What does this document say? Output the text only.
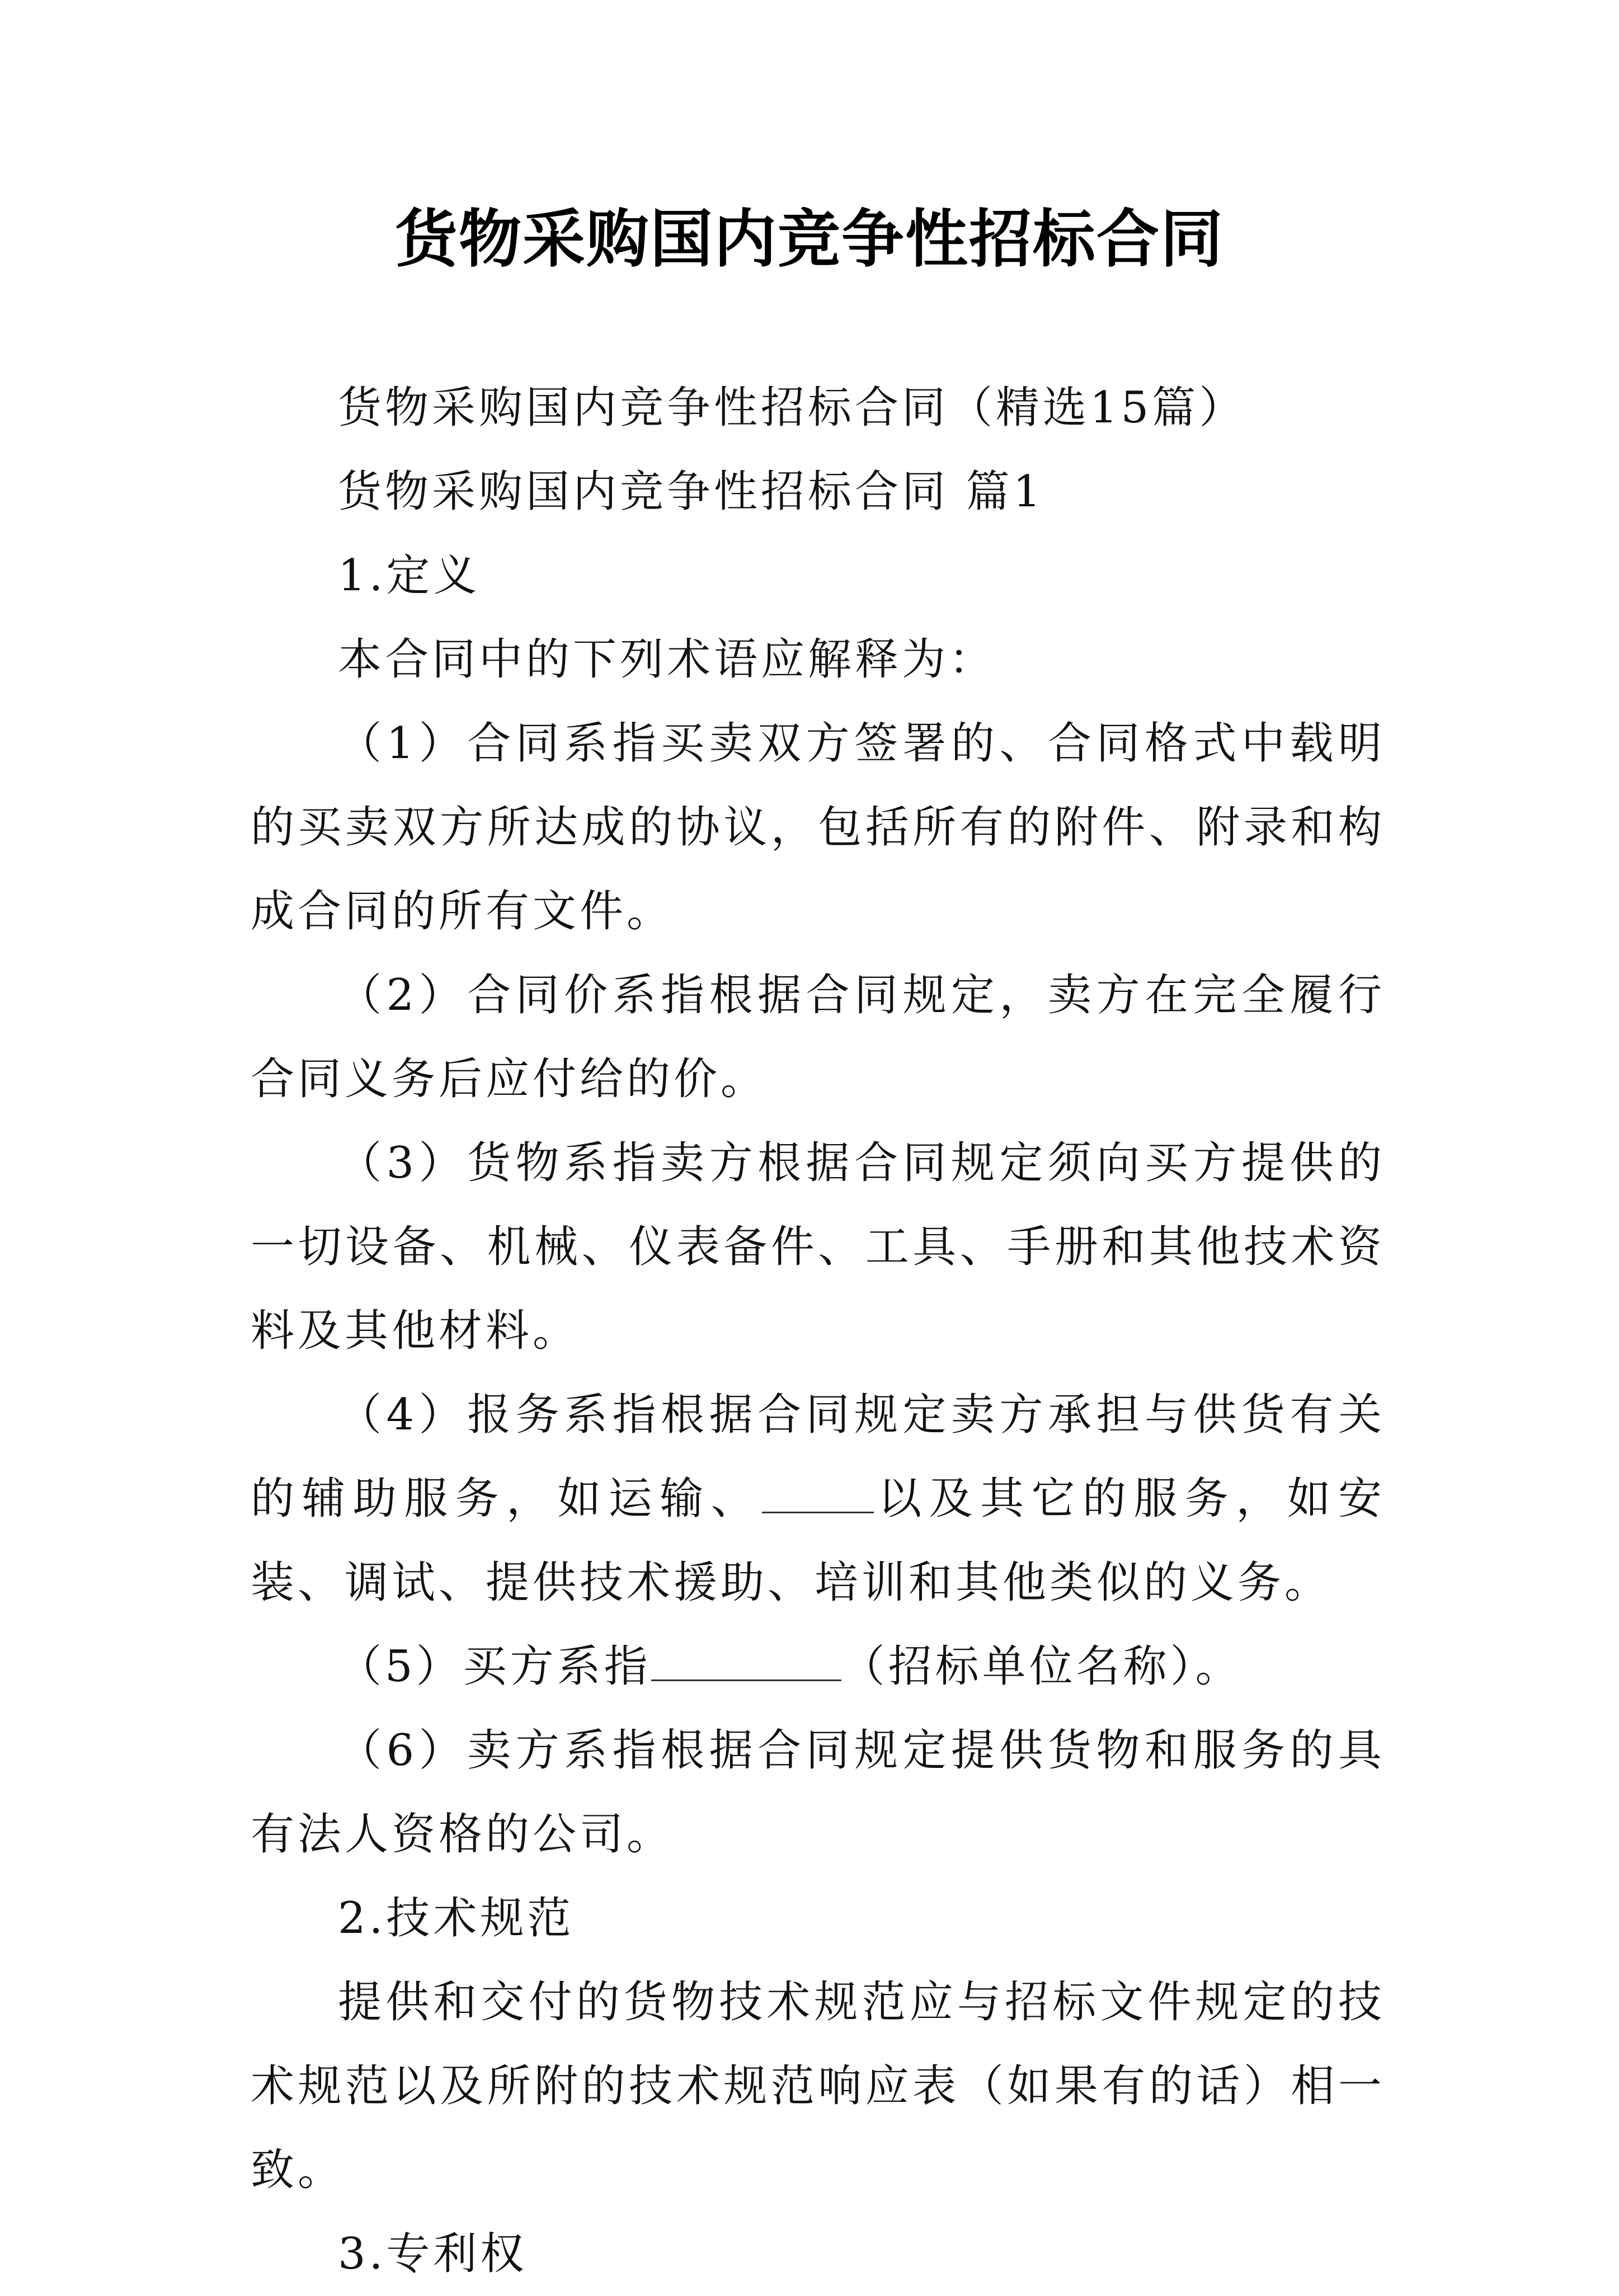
货物采购国内竞争性招标合同

货物采购国内竞争性招标合同（精选15篇）

货物采购国内竞争性招标合同 篇1

1.定义

本合同中的下列术语应解释为：

（1）合同系指买卖双方签署的、合同格式中载明的买卖双方所达成的协议，包括所有的附件、附录和构成合同的所有文件。

（2）合同价系指根据合同规定，卖方在完全履行合同义务后应付给的价。

（3）货物系指卖方根据合同规定须向买方提供的一切设备、机械、仪表备件、工具、手册和其他技术资料及其他材料。

（4）报务系指根据合同规定卖方承担与供货有关的辅助服务，如运输、	以及其它的服务，如安装、调试、提供技术援助、培训和其他类似的义务。

（5）买方系指	（招标单位名称）。

（6）卖方系指根据合同规定提供货物和服务的具有法人资格的公司。

2.技术规范

提供和交付的货物技术规范应与招标文件规定的技术规范以及所附的技术规范响应表（如果有的话）相一致。

3.专利权
